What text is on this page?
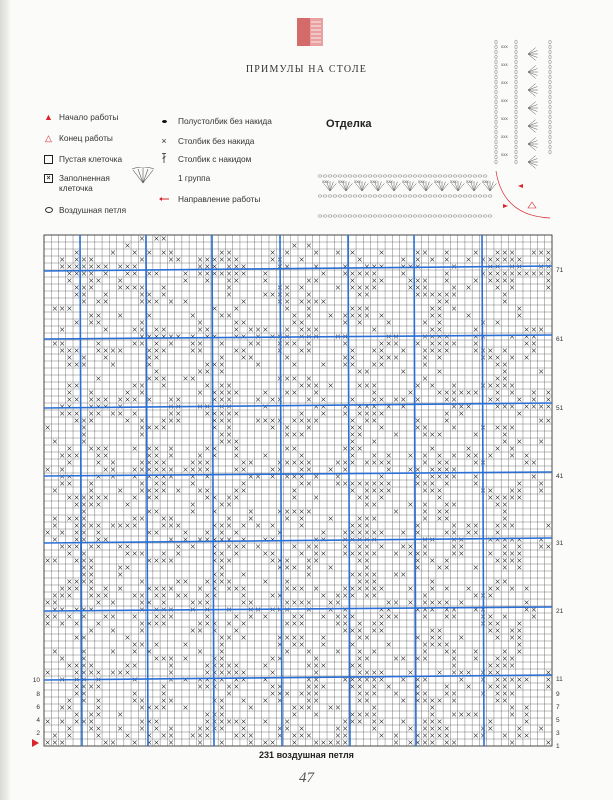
ПРИМУЛЫ НА СТОЛЕ
▲ Начало работы
△ Конец работы
Пустая клеточка
× Заполненная
клеточка
Воздушная петля
Полустолбик без накида
×	Столбик без накида
Столбик с накидом
1 группа
Направление работы
Отделка
xxx
xxx
xxx
xxx
xxx
xxx
xxx
xxx xxx xxx xxx xxx xxx xxx xxx xxx xxx xxx
71
61
51
41
31
21
11
9
7
5
3
1
10
8
6
4
2
231 воздушная петля
47
